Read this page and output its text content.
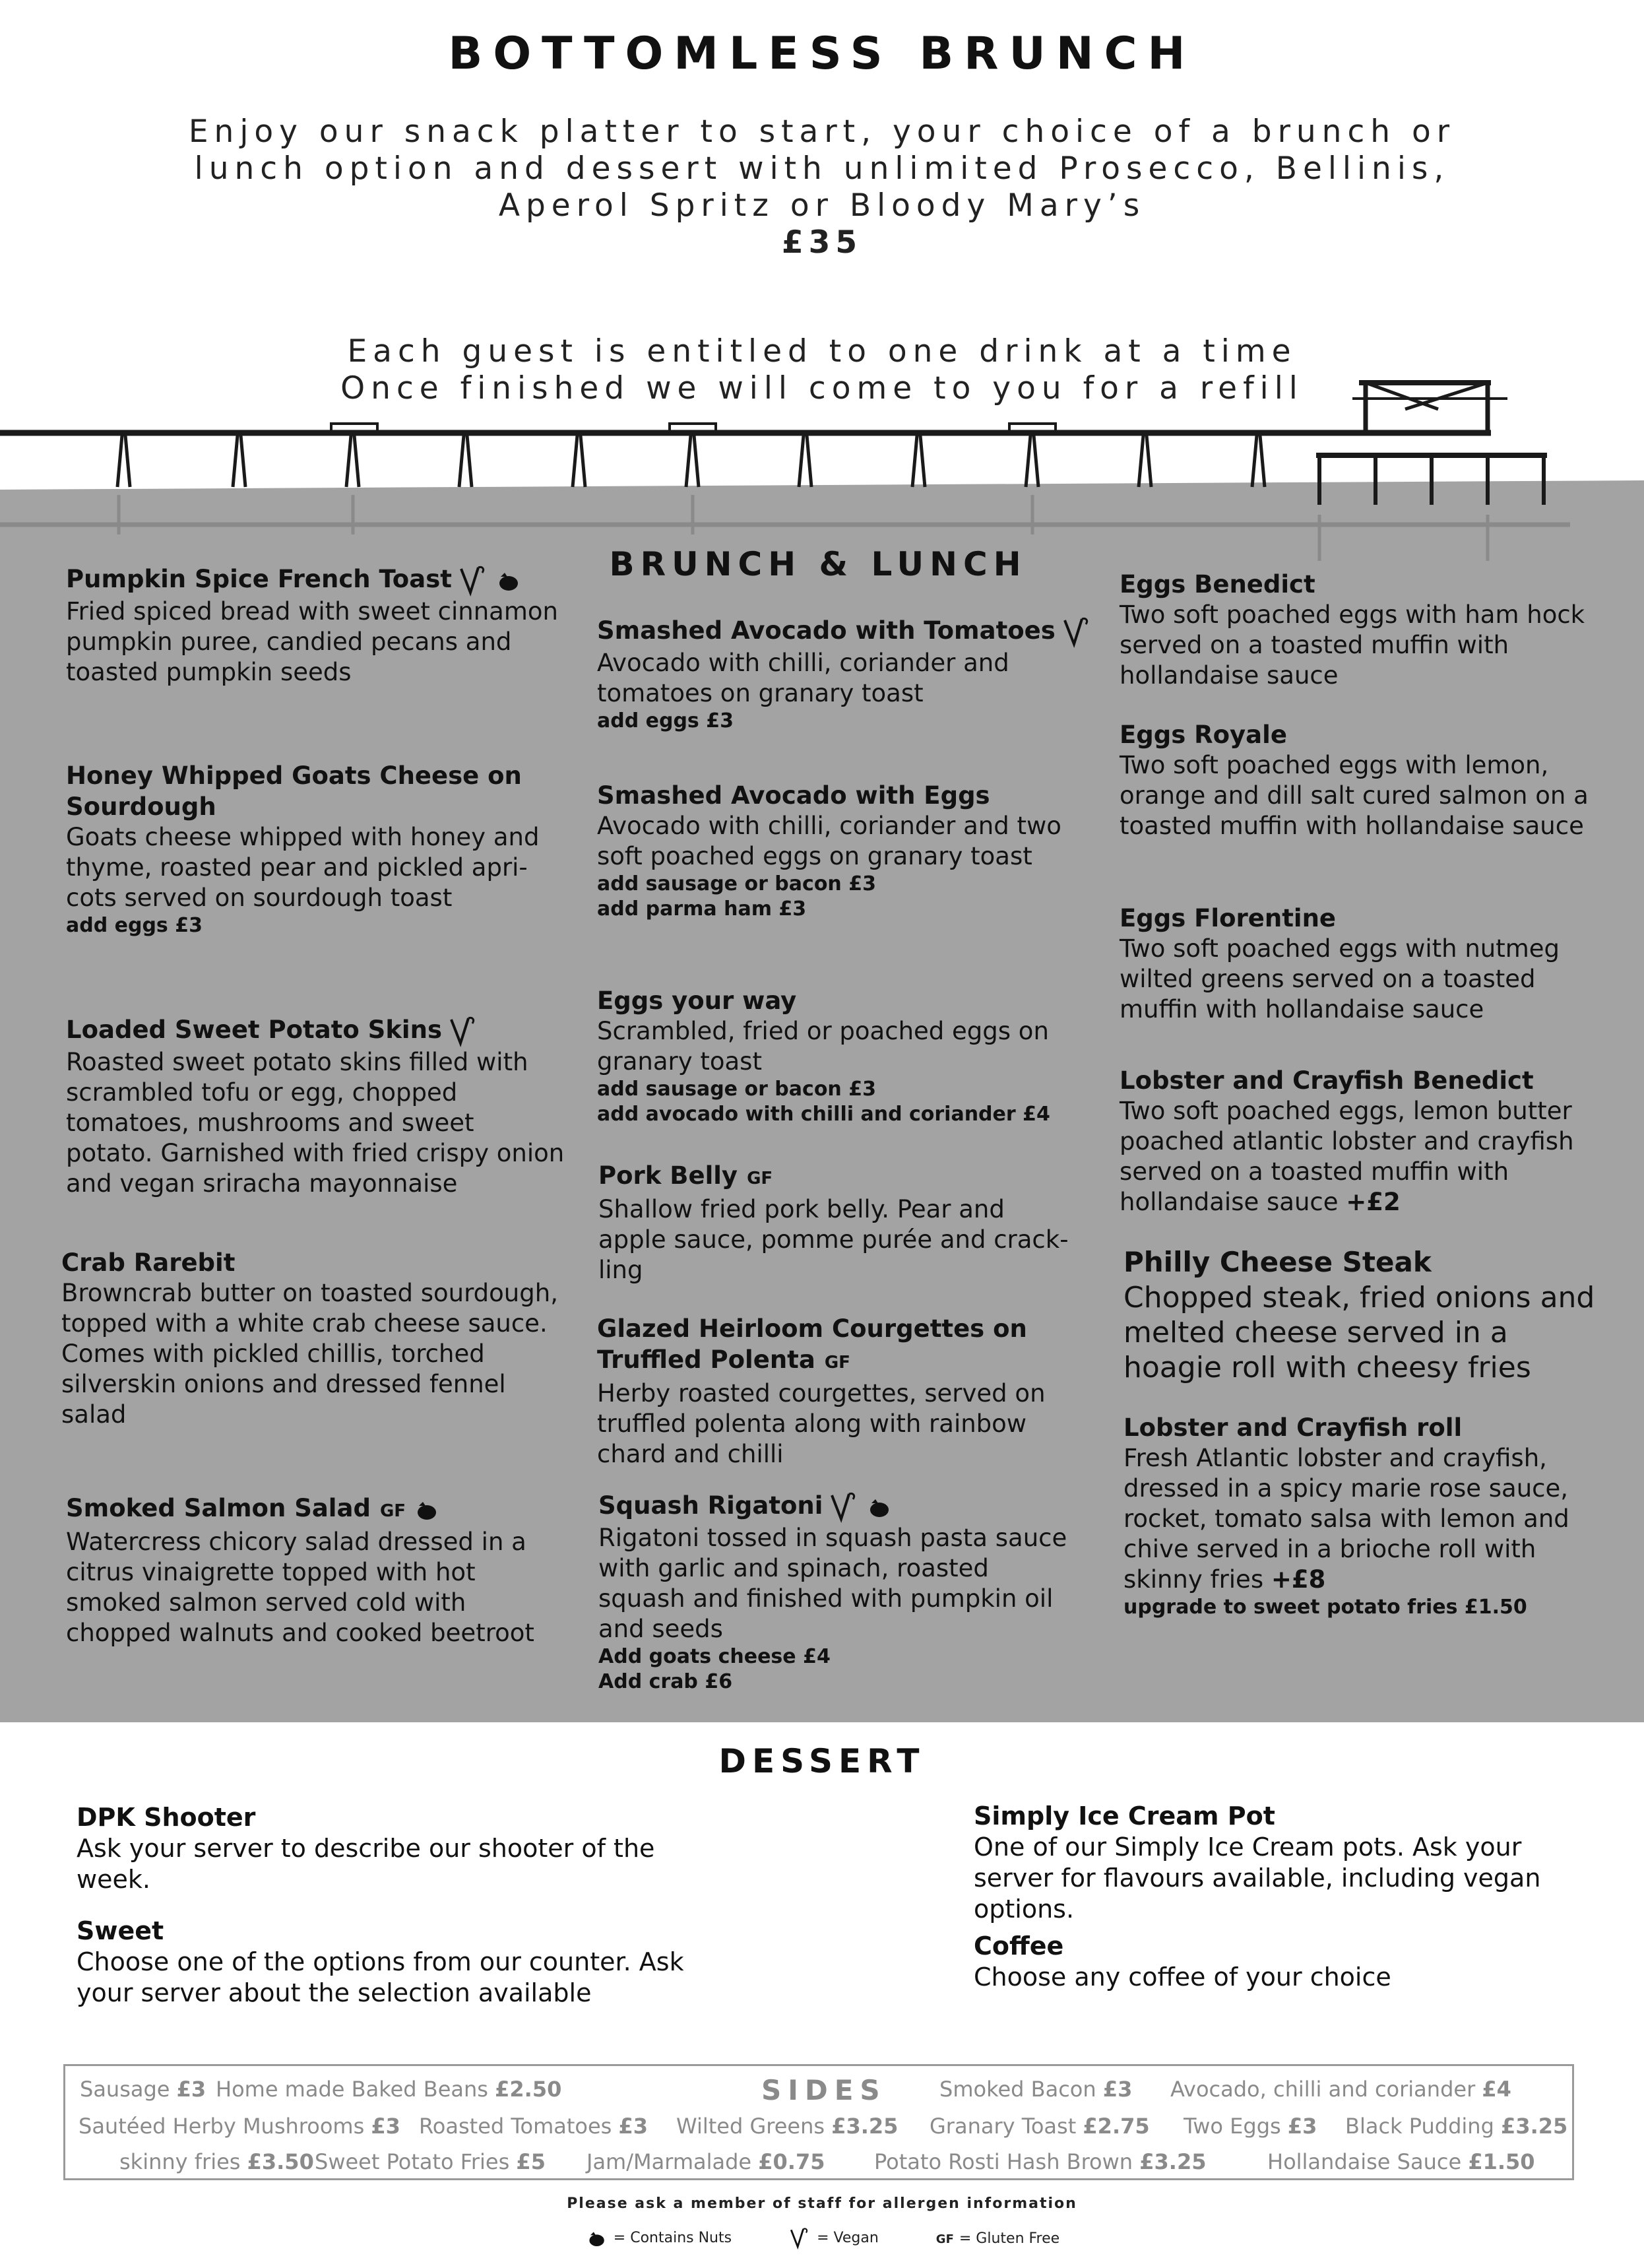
BOTTOMLESS BRUNCH
Enjoy our snack platter to start, your choice of a brunch or
lunch option and dessert with unlimited Prosecco, Bellinis,
Aperol Spritz or Bloody Mary’s
£35
Each guest is entitled to one drink at a time
Once finished we will come to you for a refill
BRUNCH & LUNCH
Pumpkin Spice French Toast
Fried spiced bread with sweet cinnamon pumpkin puree, candied pecans and toasted pumpkin seeds
Honey Whipped Goats Cheese on Sourdough
Goats cheese whipped with honey and thyme, roasted pear and pickled apri-cots served on sourdough toast
add eggs £3
Loaded Sweet Potato Skins
Roasted sweet potato skins filled with scrambled tofu or egg, chopped tomatoes, mushrooms and sweet potato. Garnished with fried crispy onion and vegan sriracha mayonnaise
Crab Rarebit
Browncrab butter on toasted sourdough, topped with a white crab cheese sauce. Comes with pickled chillis, torched silverskin onions and dressed fennel salad
Smoked Salmon Salad GF
Watercress chicory salad dressed in a citrus vinaigrette topped with hot smoked salmon served cold with chopped walnuts and cooked beetroot
Smashed Avocado with Tomatoes
Avocado with chilli, coriander and tomatoes on granary toast
add eggs £3
Smashed Avocado with Eggs
Avocado with chilli, coriander and two soft poached eggs on granary toast
add sausage or bacon £3
add parma ham £3
Eggs your way
Scrambled, fried or poached eggs on granary toast
add sausage or bacon £3
add avocado with chilli and coriander £4
Pork Belly GF
Shallow fried pork belly. Pear and apple sauce, pomme purée and crack-ling
Glazed Heirloom Courgettes on Truffled Polenta GF
Herby roasted courgettes, served on truffled polenta along with rainbow chard and chilli
Squash Rigatoni
Rigatoni tossed in squash pasta sauce with garlic and spinach, roasted squash and finished with pumpkin oil and seeds
Add goats cheese £4
Add crab £6
Eggs Benedict
Two soft poached eggs with ham hock served on a toasted muffin with hollandaise sauce
Eggs Royale
Two soft poached eggs with lemon, orange and dill salt cured salmon on a toasted muffin with hollandaise sauce
Eggs Florentine
Two soft poached eggs with nutmeg wilted greens served on a toasted muffin with hollandaise sauce
Lobster and Crayfish Benedict
Two soft poached eggs, lemon butter poached atlantic lobster and crayfish served on a toasted muffin with hollandaise sauce +£2
Philly Cheese Steak
Chopped steak, fried onions and melted cheese served in a hoagie roll with cheesy fries
Lobster and Crayfish roll
Fresh Atlantic lobster and crayfish, dressed in a spicy marie rose sauce, rocket, tomato salsa with lemon and chive served in a brioche roll with skinny fries +£8
upgrade to sweet potato fries £1.50
DESSERT
DPK Shooter
Ask your server to describe our shooter of the week.
Sweet
Choose one of the options from our counter. Ask your server about the selection available
Simply Ice Cream Pot
One of our Simply Ice Cream pots. Ask your server for flavours available, including vegan options.
Coffee
Choose any coffee of your choice
SIDES
Sausage £3 Home made Baked Beans £2.50	Smoked Bacon £3 Avocado, chilli and coriander £4
Sautéed Herby Mushrooms £3 Roasted Tomatoes £3 Wilted Greens £3.25 Granary Toast £2.75 Two Eggs £3 Black Pudding £3.25
skinny fries £3.50 Sweet Potato Fries £5 Jam/Marmalade £0.75 Potato Rosti Hash Brown £3.25	Hollandaise Sauce £1.50
Please ask a member of staff for allergen information
= Contains Nuts	= Vegan	GF = Gluten Free
